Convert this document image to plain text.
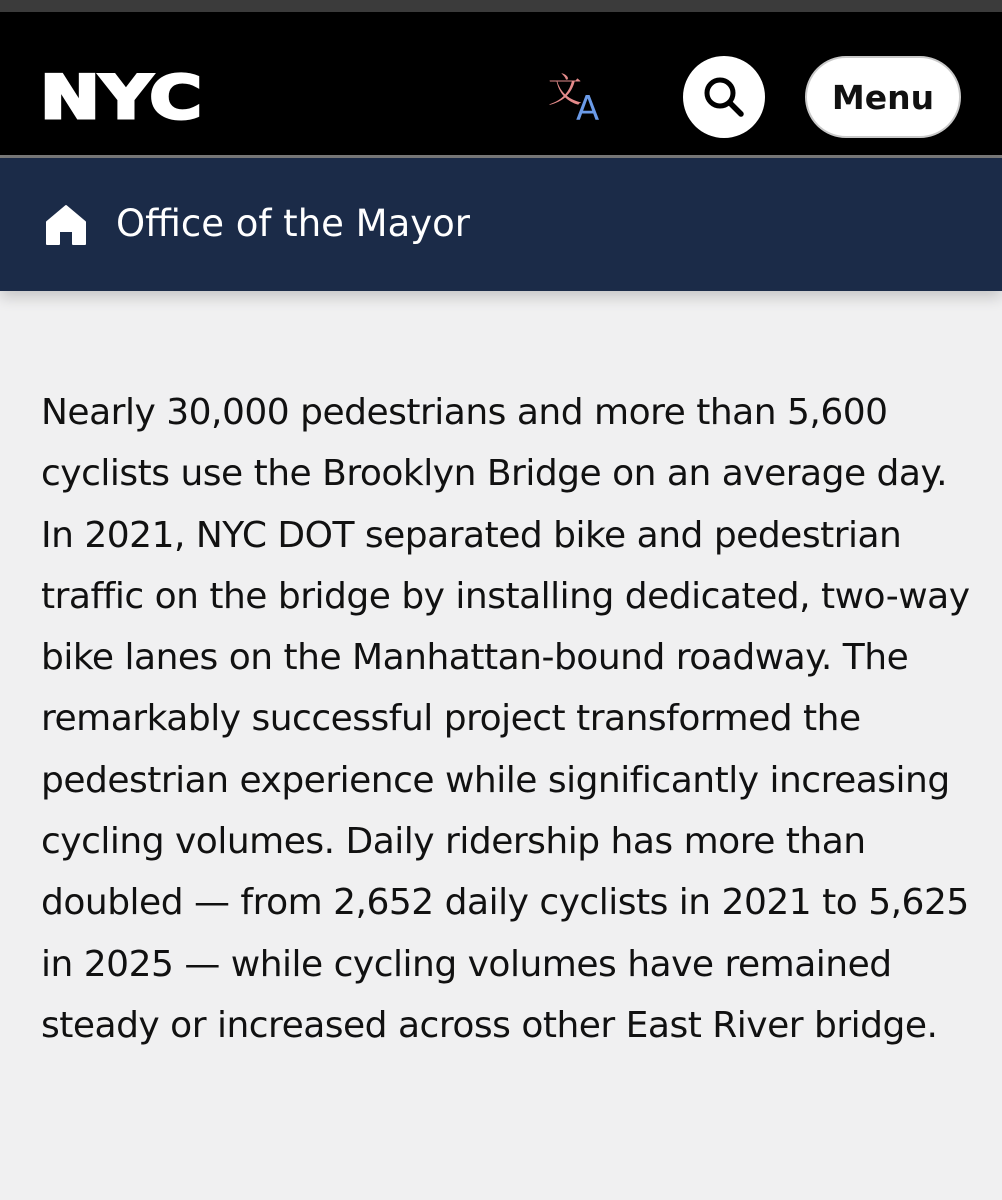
NYC	文
A	Menu
Office of the Mayor

Nearly 30,000 pedestrians and more than 5,600 cyclists use the Brooklyn Bridge on an average day. In 2021, NYC DOT separated bike and pedestrian traffic on the bridge by installing dedicated, two-way bike lanes on the Manhattan-bound roadway. The remarkably successful project transformed the pedestrian experience while significantly increasing cycling volumes. Daily ridership has more than doubled — from 2,652 daily cyclists in 2021 to 5,625 in 2025 — while cycling volumes have remained steady or increased across other East River bridge.
